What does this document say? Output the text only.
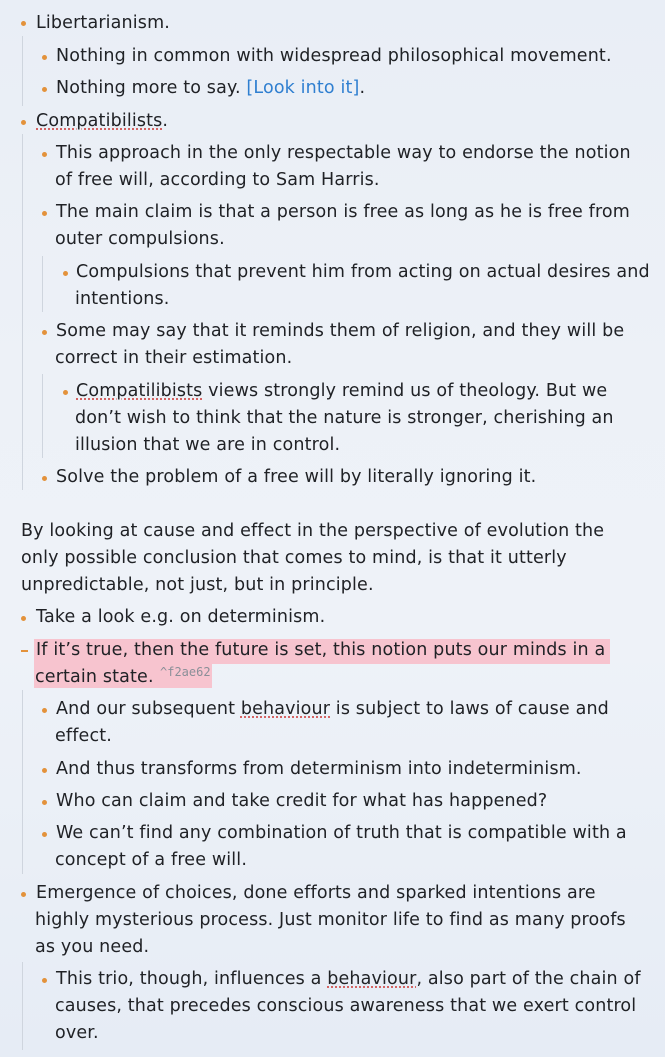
Libertarianism.
Nothing in common with widespread philosophical movement.
Nothing more to say. [Look into it].
Compatibilists.
This approach in the only respectable way to endorse the notion
of free will, according to Sam Harris.
The main claim is that a person is free as long as he is free from
outer compulsions.
Compulsions that prevent him from acting on actual desires and
intentions.
Some may say that it reminds them of religion, and they will be
correct in their estimation.
Compatilibists views strongly remind us of theology. But we
don’t wish to think that the nature is stronger, cherishing an
illusion that we are in control.
Solve the problem of a free will by literally ignoring it.
By looking at cause and effect in the perspective of evolution the
only possible conclusion that comes to mind, is that it utterly
unpredictable, not just, but in principle.
Take a look e.g. on determinism.
If it’s true, then the future is set, this notion puts our minds in a
certain state. ^f2ae62
And our subsequent behaviour is subject to laws of cause and
effect.
And thus transforms from determinism into indeterminism.
Who can claim and take credit for what has happened?
We can’t find any combination of truth that is compatible with a
concept of a free will.
Emergence of choices, done efforts and sparked intentions are
highly mysterious process. Just monitor life to find as many proofs
as you need.
This trio, though, influences a behaviour, also part of the chain of
causes, that precedes conscious awareness that we exert control
over.
